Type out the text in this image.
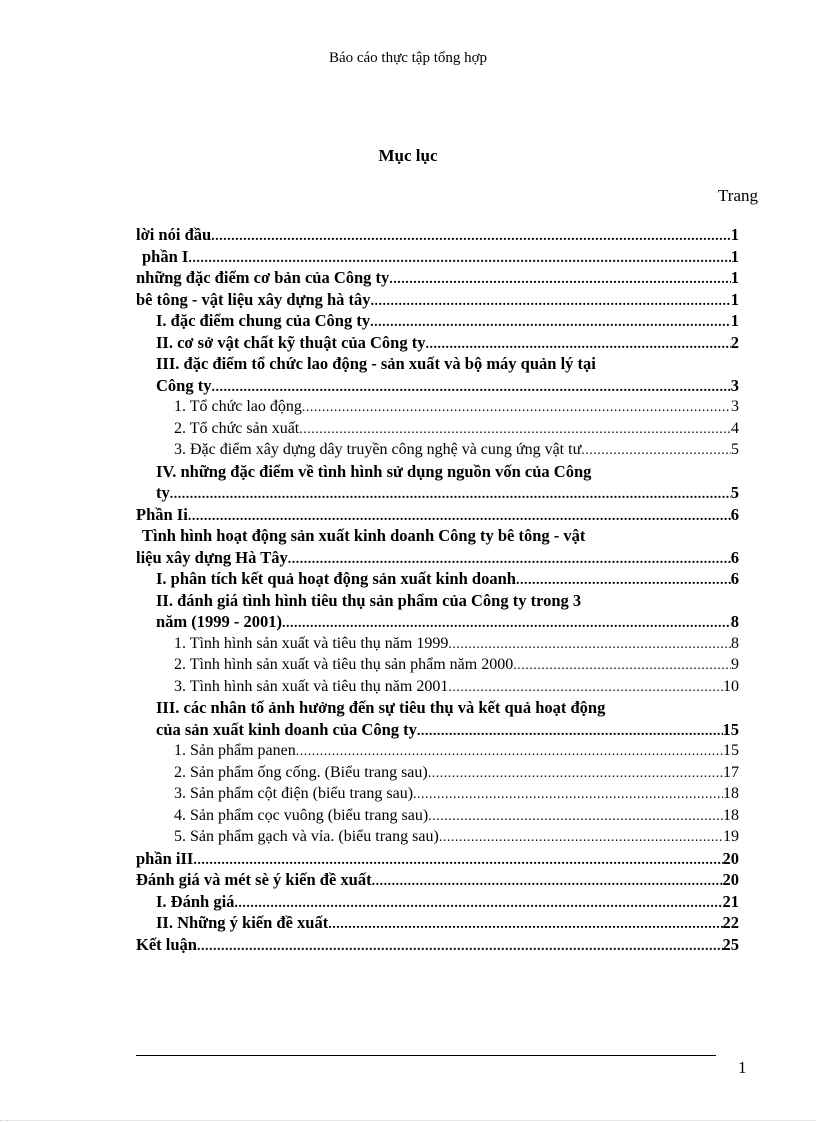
Báo cáo thực tập tổng hợp
Mục lục
Trang
lời nói đầu .....	1
phần I .....	1
những đặc điểm cơ bản của Công ty .....	1
bê tông - vật liệu xây dựng hà tây .....	1
I. đặc điểm chung của Công ty .....	1
II. cơ sở vật chất kỹ thuật của Công ty .....	2
III. đặc điểm tổ chức lao động - sản xuất và bộ máy quản lý tại
Công ty .....	3
1. Tổ chức lao động .....	3
2. Tổ chức sản xuất .....	4
3. Đặc điểm xây dựng dây truyền công nghệ và cung ứng vật tư .....	5
IV. những đặc điểm về tình hình sử dụng nguồn vốn của Công
ty .....	5
Phần Ii .....	6
Tình hình hoạt động sản xuất kinh doanh Công ty bê tông - vật
liệu xây dựng Hà Tây .....	6
I. phân tích kết quả hoạt động sản xuất kinh doanh .....	6
II. đánh giá tình hình tiêu thụ sản phẩm của Công ty trong 3
năm (1999 - 2001) .....	8
1. Tình hình sản xuất và tiêu thụ năm 1999 .....	8
2. Tình hình sản xuất và tiêu thụ sản phẩm năm 2000 .....	9
3. Tình hình sản xuất và tiêu thụ năm 2001 .....	10
III. các nhân tố ảnh hưởng đến sự tiêu thụ và kết quả hoạt động
của sản xuất kinh doanh của Công ty .....	15
1. Sản phẩm panen .....	15
2. Sản phẩm ống cống. (Biểu trang sau) .....	17
3. Sản phẩm cột điện (biểu trang sau) .....	18
4. Sản phẩm cọc vuông (biểu trang sau) .....	18
5. Sản phẩm gạch và vỉa. (biểu trang sau) .....	19
phần iII .....	20
Đánh giá và mét sè ý kiến đề xuất .....	20
I. Đánh giá .....	21
II. Những ý kiến đề xuất .....	22
Kết luận .....	25
1
